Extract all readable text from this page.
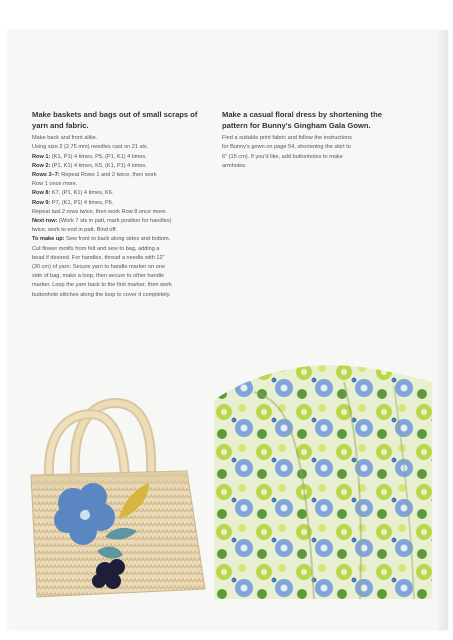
Make baskets and bags out of small scraps of

yarn and fabric.

Make back and front alike.

Using size 2 (2.75 mm) needles cast on 21 sts.

Row 1: (K1, P1) 4 times, P5, (P1, K1) 4 times.

Row 2: (P1, K1) 4 times, K5, (K1, P1) 4 times.

Rows 3–7: Repeat Rows 1 and 2 twice, then work

Row 1 once more.

Row 8: K7, (P1, K1) 4 times, K6.

Row 9: P7, (K1, P1) 4 times, P6.

Repeat last 2 rows twice, then work Row 8 once more.

Next row: (Work 7 sts in patt, mark position for handles)

twice, work to end in patt. Bind off.

To make up: Sew front to back along sides and bottom.

Cut flower motifs from felt and sew to bag, adding a

bead if desired. For handles, thread a needle with 12"

(30 cm) of yarn. Secure yarn to handle marker on one

side of bag, make a loop, then secure to other handle

marker. Loop the yarn back to the first marker, then work

buttonhole stitches along the loop to cover it completely.

Make a casual floral dress by shortening the

pattern for Bunny's Gingham Gala Gown.

Find a suitable print fabric and follow the instructions

for Bunny's gown on page 54, shortening the skirt to

6" (15 cm). If you'd like, add buttonholes to make

armholes.
